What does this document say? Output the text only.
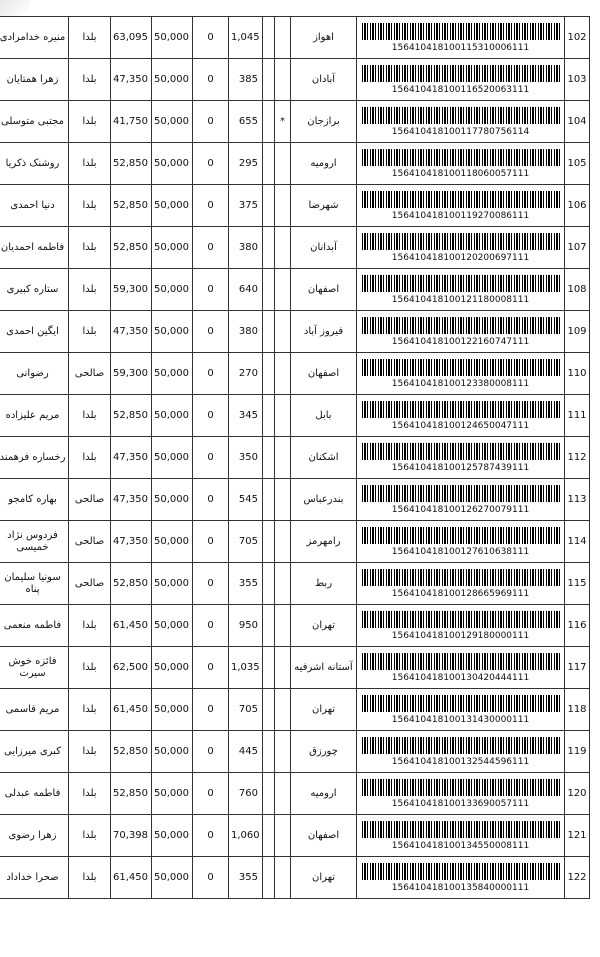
منیره خدامرادی	بلدا	63,095	50,000	0	1,045			اهواز	156410418100115310006111	102
زهرا همتایان	بلدا	47,350	50,000	0	385			آبادان	156410418100116520063111	103
مجتبی متوسلی	بلدا	41,750	50,000	0	655		*	برازجان	156410418100117780756114	104
روشنک ذکریا	بلدا	52,850	50,000	0	295			ارومیه	156410418100118060057111	105
دنیا احمدی	بلدا	52,850	50,000	0	375			شهرضا	156410418100119270086111	106
فاطمه احمدیان	بلدا	52,850	50,000	0	380			آبدانان	156410418100120200697111	107
ستاره کبیری	بلدا	59,300	50,000	0	640			اصفهان	156410418100121180008111	108
ایگین احمدی	بلدا	47,350	50,000	0	380			فیروز آباد	156410418100122160747111	109
رضوانی	صالحی	59,300	50,000	0	270			اصفهان	156410418100123380008111	110
مریم علیزاده	بلدا	52,850	50,000	0	345			بابل	156410418100124650047111	111
رخساره فرهمند	بلدا	47,350	50,000	0	350			اشکنان	156410418100125787439111	112
بهاره کامجو	صالحی	47,350	50,000	0	545			بندرعباس	156410418100126270079111	113
فردوس نژاد خمیسی	صالحی	47,350	50,000	0	705			رامهرمز	156410418100127610638111	114
سونیا سلیمان پناه	صالحی	52,850	50,000	0	355			ربط	156410418100128665969111	115
فاطمه منعمی	بلدا	61,450	50,000	0	950			تهران	156410418100129180000111	116
فائزه خوش سیرت	بلدا	62,500	50,000	0	1,035			آستانه اشرفیه	156410418100130420444111	117
مریم قاسمی	بلدا	61,450	50,000	0	705			تهران	156410418100131430000111	118
کبری میرزایی	بلدا	52,850	50,000	0	445			چورزق	156410418100132544596111	119
فاطمه عبدلی	بلدا	52,850	50,000	0	760			ارومیه	156410418100133690057111	120
زهرا رضوی	بلدا	70,398	50,000	0	1,060			اصفهان	156410418100134550008111	121
صحرا خداداد	بلدا	61,450	50,000	0	355			تهران	156410418100135840000111	122
